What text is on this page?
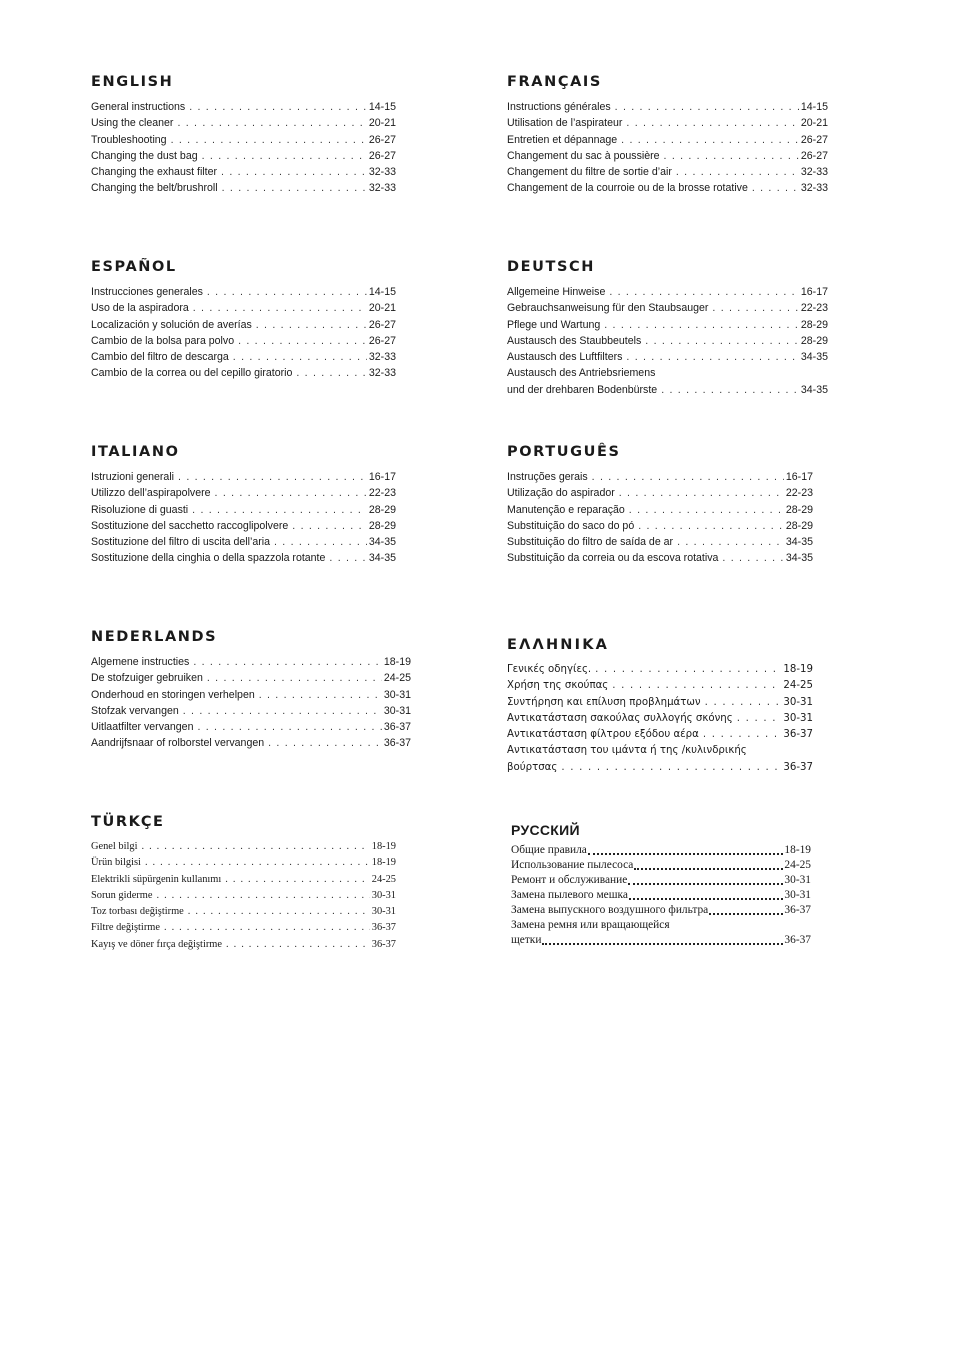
ENGLISH
General instructions . . .	14-15
Using the cleaner . . .	20-21
Troubleshooting . . .	26-27
Changing the dust bag . . .	26-27
Changing the exhaust filter . . .	32-33
Changing the belt/brushroll . . .	32-33
FRANÇAIS
Instructions générales . . .	14-15
Utilisation de l’aspirateur . . .	20-21
Entretien et dépannage . . .	26-27
Changement du sac à poussière . . .	26-27
Changement du filtre de sortie d’air . . .	32-33
Changement de la courroie ou de la brosse rotative . . .	32-33
ESPAÑOL
Instrucciones generales . . .	14-15
Uso de la aspiradora . . .	20-21
Localización y solución de averías . . .	26-27
Cambio de la bolsa para polvo . . .	26-27
Cambio del filtro de descarga . . .	32-33
Cambio de la correa ou del cepillo giratorio . . .	32-33
DEUTSCH
Allgemeine Hinweise . . .	16-17
Gebrauchsanweisung für den Staubsauger . . .	22-23
Pflege und Wartung . . .	28-29
Austausch des Staubbeutels . . .	28-29
Austausch des Luftfilters . . .	34-35
Austausch des Antriebsriemens
und der drehbaren Bodenbürste . . .	34-35
ITALIANO
Istruzioni generali . . .	16-17
Utilizzo dell’aspirapolvere . . .	22-23
Risoluzione di guasti . . .	28-29
Sostituzione del sacchetto raccoglipolvere . . .	28-29
Sostituzione del filtro di uscita dell’aria . . .	34-35
Sostituzione della cinghia o della spazzola rotante . . .	34-35
PORTUGUÊS
Instruções gerais . . .	16-17
Utilização do aspirador . . .	22-23
Manutenção e reparação . . .	28-29
Substituição do saco do pó . . .	28-29
Substituição do filtro de saída de ar . . .	34-35
Substituição da correia ou da escova rotativa . . .	34-35
NEDERLANDS
Algemene instructies . . .	18-19
De stofzuiger gebruiken . . .	24-25
Onderhoud en storingen verhelpen . . .	30-31
Stofzak vervangen . . .	30-31
Uitlaatfilter vervangen . . .	36-37
Aandrijfsnaar of rolborstel vervangen . . .	36-37
ΕΛΛΗΝΙΚΑ
Γενικές οδηγίες. . . .	18-19
Χρήση της σκούπας . . .	24-25
Συντήρηση και επίλυση προβλημάτων . . .	30-31
Αντικατάσταση σακούλας συλλογής σκόνης . . .	30-31
Αντικατάσταση φίλτρου εξόδου αέρα . . .	36-37
Αντικατάσταση του ιμάντα ή της /κυλινδρικής
βούρτσας . . .	36-37
TÜRKÇE
Genel bilgi . . .	18-19
Ürün bilgisi . . .	18-19
Elektrikli süpürgenin kullanımı . . .	24-25
Sorun giderme . . .	30-31
Toz torbası değiştirme . . .	30-31
Filtre değiştirme . . .	36-37
Kayış ve döner fırça değiştirme . . .	36-37
РУССКИЙ
Общие правила	18-19
Использование пылесоса	24-25
Ремонт и обслуживание	30-31
Замена пылевого мешка	30-31
Замена выпускного воздушного фильтра	36-37
Замена ремня или вращающейся
щетки	36-37
